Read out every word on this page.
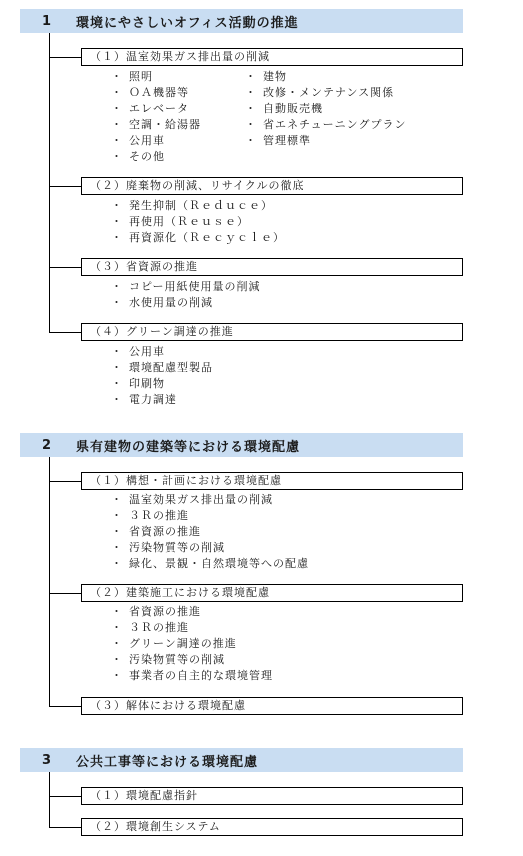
1 環境にやさしいオフィス活動の推進
（１）温室効果ガス排出量の削減
・ 照明
・ ＯＡ機器等
・ エレベータ
・ 空調・給湯器
・ 公用車
・ その他
・ 建物
・ 改修・メンテナンス関係
・ 自動販売機
・ 省エネチューニングプラン
・ 管理標準
（２）廃棄物の削減、リサイクルの徹底
・ 発生抑制（Ｒｅｄｕｃｅ）
・ 再使用（Ｒｅｕｓｅ）
・ 再資源化（Ｒｅｃｙｃｌｅ）
（３）省資源の推進
・ コピー用紙使用量の削減
・ 水使用量の削減
（４）グリーン調達の推進
・ 公用車
・ 環境配慮型製品
・ 印刷物
・ 電力調達
2 県有建物の建築等における環境配慮
（１）構想・計画における環境配慮
・ 温室効果ガス排出量の削減
・ ３Ｒの推進
・ 省資源の推進
・ 汚染物質等の削減
・ 緑化、景観・自然環境等への配慮
（２）建築施工における環境配慮
・ 省資源の推進
・ ３Ｒの推進
・ グリーン調達の推進
・ 汚染物質等の削減
・ 事業者の自主的な環境管理
（３）解体における環境配慮
3 公共工事等における環境配慮
（１）環境配慮指針
（２）環境創生システム
